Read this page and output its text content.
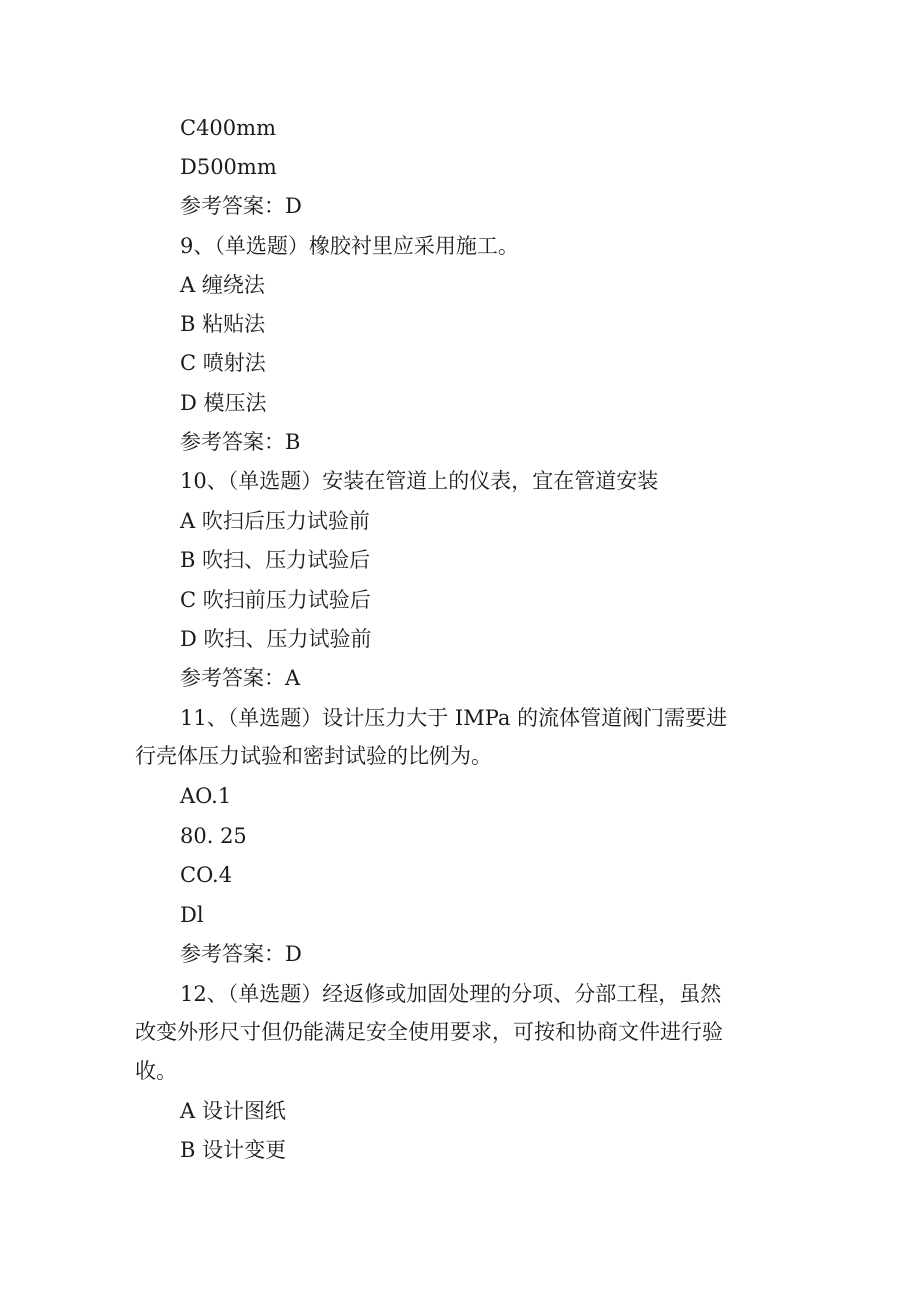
C400mm
D500mm
参考答案：D
9、（单选题）橡胶衬里应采用施工。
A 缠绕法
B 粘贴法
C 喷射法
D 模压法
参考答案：B
10、（单选题）安装在管道上的仪表，宜在管道安装
A 吹扫后压力试验前
B 吹扫、压力试验后
C 吹扫前压力试验后
D 吹扫、压力试验前
参考答案：A
11、（单选题）设计压力大于 IMPa 的流体管道阀门需要进
行壳体压力试验和密封试验的比例为。
AO.1
80. 25
CO.4
Dl
参考答案：D
12、（单选题）经返修或加固处理的分项、分部工程，虽然
改变外形尺寸但仍能满足安全使用要求，可按和协商文件进行验
收。
A 设计图纸
B 设计变更
